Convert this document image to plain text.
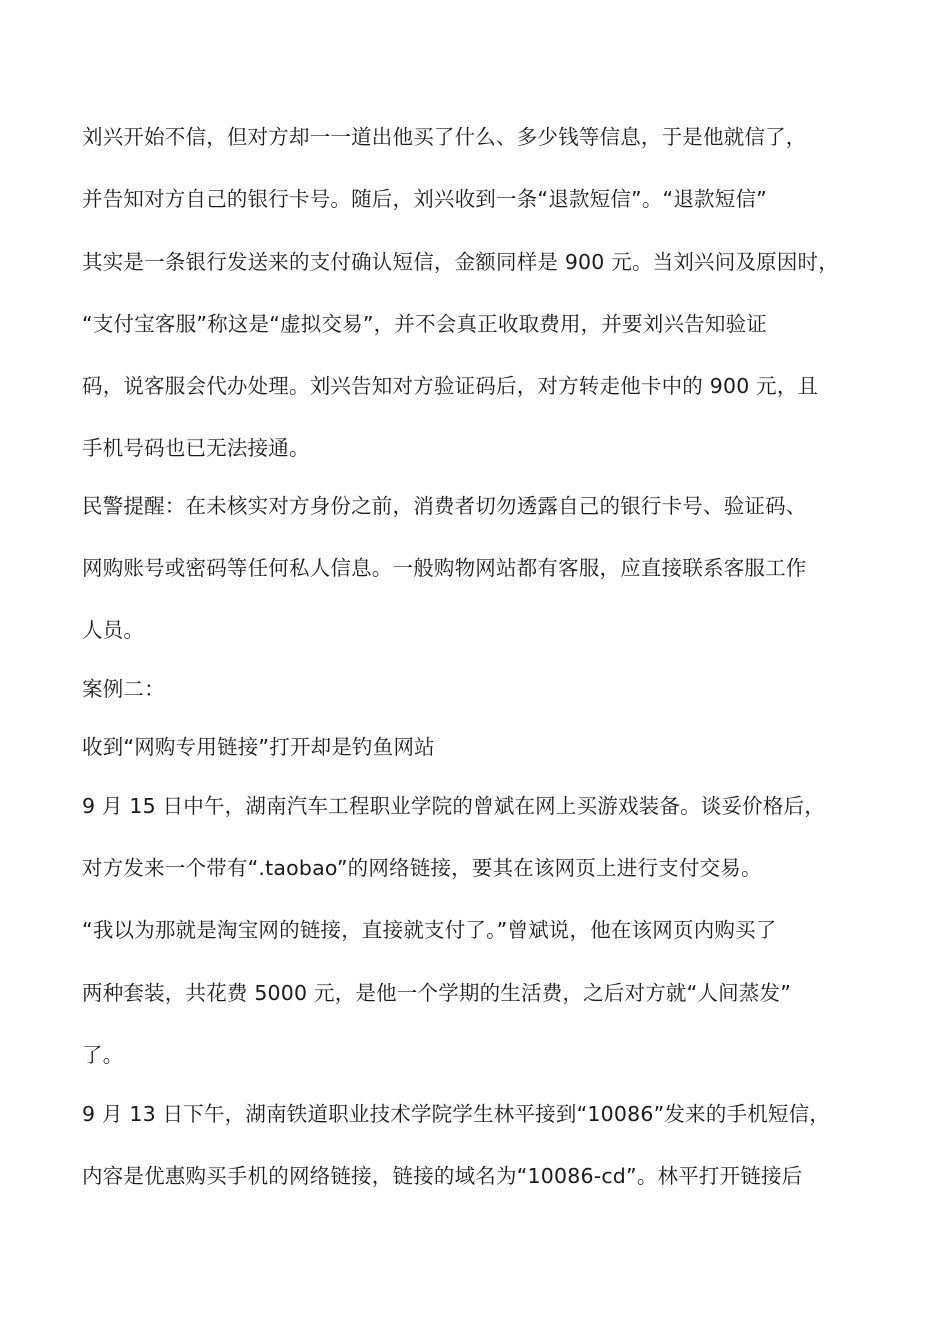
刘兴开始不信，但对方却一一道出他买了什么、多少钱等信息，于是他就信了，
并告知对方自己的银行卡号。随后，刘兴收到一条“退款短信”。“退款短信”
其实是一条银行发送来的支付确认短信，金额同样是 900 元。当刘兴问及原因时，
“支付宝客服”称这是“虚拟交易”，并不会真正收取费用，并要刘兴告知验证
码，说客服会代办处理。刘兴告知对方验证码后，对方转走他卡中的 900 元，且
手机号码也已无法接通。
民警提醒：在未核实对方身份之前，消费者切勿透露自己的银行卡号、验证码、
网购账号或密码等任何私人信息。一般购物网站都有客服，应直接联系客服工作
人员。
案例二：
收到“网购专用链接”打开却是钓鱼网站
9 月 15 日中午，湖南汽车工程职业学院的曾斌在网上买游戏装备。谈妥价格后，
对方发来一个带有“.taobao”的网络链接，要其在该网页上进行支付交易。
“我以为那就是淘宝网的链接，直接就支付了。”曾斌说，他在该网页内购买了
两种套装，共花费 5000 元，是他一个学期的生活费，之后对方就“人间蒸发”
了。
9 月 13 日下午，湖南铁道职业技术学院学生林平接到“10086”发来的手机短信，
内容是优惠购买手机的网络链接，链接的域名为“10086-cd”。林平打开链接后
